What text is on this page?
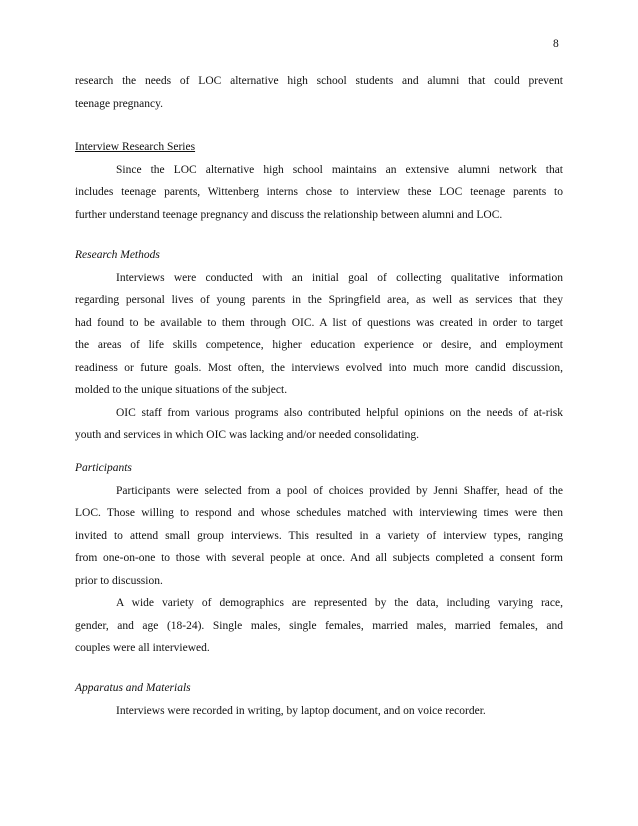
8
research the needs of LOC alternative high school students and alumni that could prevent
teenage pregnancy.
Interview Research Series
Since the LOC alternative high school maintains an extensive alumni network that
includes teenage parents, Wittenberg interns chose to interview these LOC teenage parents to
further understand teenage pregnancy and discuss the relationship between alumni and LOC.
Research Methods
Interviews were conducted with an initial goal of collecting qualitative information
regarding personal lives of young parents in the Springfield area, as well as services that they
had found to be available to them through OIC. A list of questions was created in order to target
the areas of life skills competence, higher education experience or desire, and employment
readiness or future goals. Most often, the interviews evolved into much more candid discussion,
molded to the unique situations of the subject.
OIC staff from various programs also contributed helpful opinions on the needs of at-risk
youth and services in which OIC was lacking and/or needed consolidating.
Participants
Participants were selected from a pool of choices provided by Jenni Shaffer, head of the
LOC. Those willing to respond and whose schedules matched with interviewing times were then
invited to attend small group interviews. This resulted in a variety of interview types, ranging
from one-on-one to those with several people at once. And all subjects completed a consent form
prior to discussion.
A wide variety of demographics are represented by the data, including varying race,
gender, and age (18-24). Single males, single females, married males, married females, and
couples were all interviewed.
Apparatus and Materials
Interviews were recorded in writing, by laptop document, and on voice recorder.
